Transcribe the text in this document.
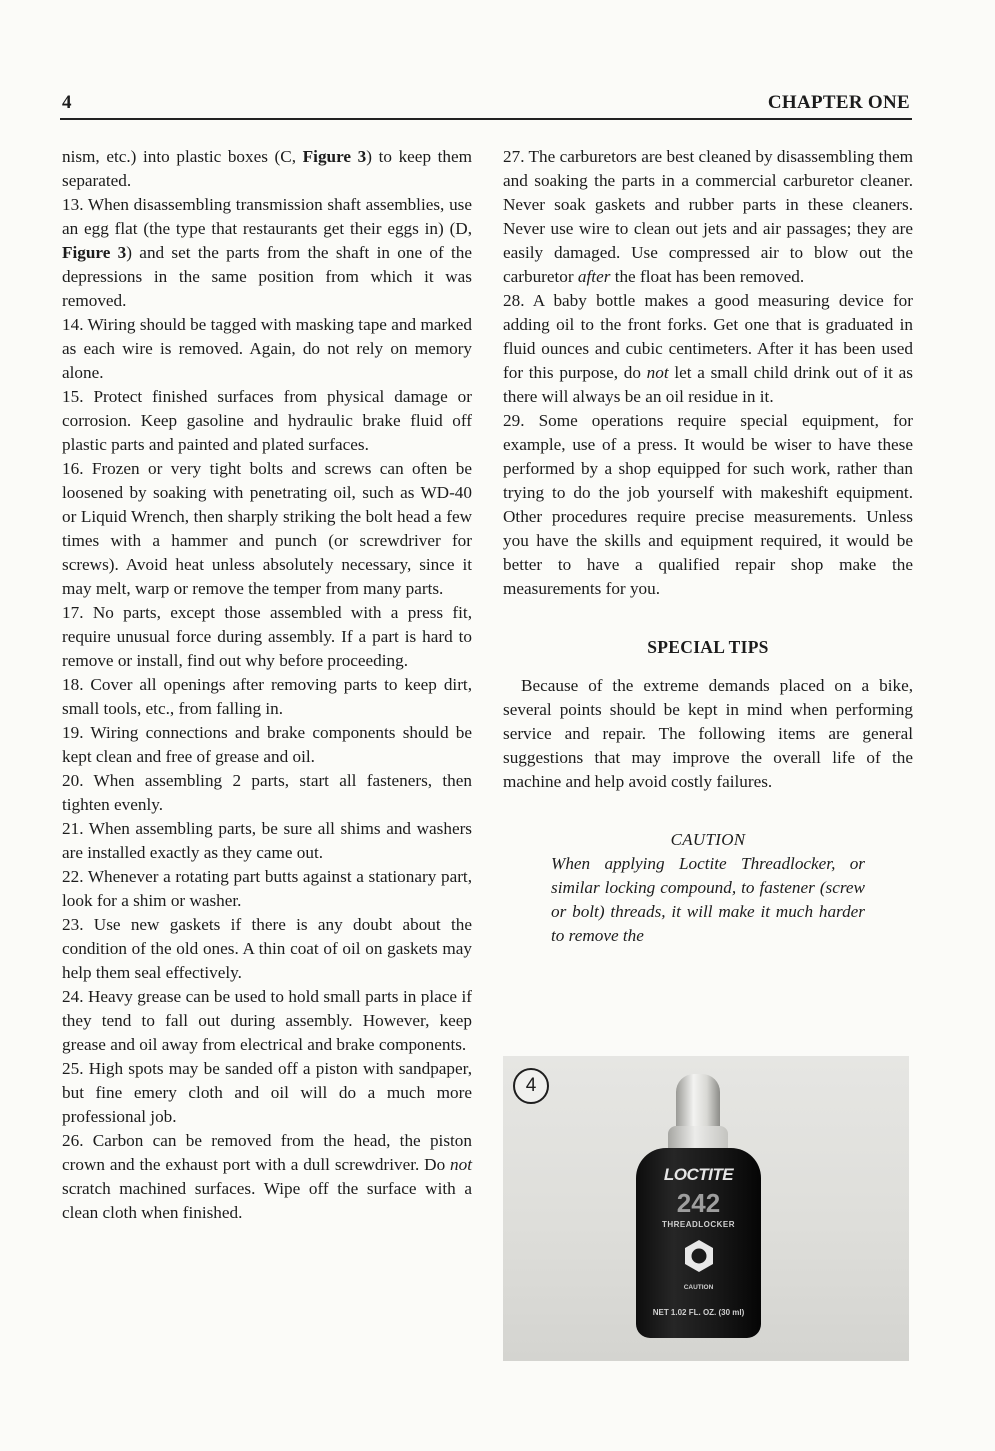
4	CHAPTER ONE

nism, etc.) into plastic boxes (C, Figure 3) to keep them separated.

13. When disassembling transmission shaft assemblies, use an egg flat (the type that restaurants get their eggs in) (D, Figure 3) and set the parts from the shaft in one of the depressions in the same position from which it was removed.

14. Wiring should be tagged with masking tape and marked as each wire is removed. Again, do not rely on memory alone.

15. Protect finished surfaces from physical damage or corrosion. Keep gasoline and hydraulic brake fluid off plastic parts and painted and plated surfaces.

16. Frozen or very tight bolts and screws can often be loosened by soaking with penetrating oil, such as WD-40 or Liquid Wrench, then sharply striking the bolt head a few times with a hammer and punch (or screwdriver for screws). Avoid heat unless absolutely necessary, since it may melt, warp or remove the temper from many parts.

17. No parts, except those assembled with a press fit, require unusual force during assembly. If a part is hard to remove or install, find out why before proceeding.

18. Cover all openings after removing parts to keep dirt, small tools, etc., from falling in.

19. Wiring connections and brake components should be kept clean and free of grease and oil.

20. When assembling 2 parts, start all fasteners, then tighten evenly.

21. When assembling parts, be sure all shims and washers are installed exactly as they came out.

22. Whenever a rotating part butts against a stationary part, look for a shim or washer.

23. Use new gaskets if there is any doubt about the condition of the old ones. A thin coat of oil on gaskets may help them seal effectively.

24. Heavy grease can be used to hold small parts in place if they tend to fall out during assembly. However, keep grease and oil away from electrical and brake components.

25. High spots may be sanded off a piston with sandpaper, but fine emery cloth and oil will do a much more professional job.

26. Carbon can be removed from the head, the piston crown and the exhaust port with a dull screwdriver. Do not scratch machined surfaces. Wipe off the surface with a clean cloth when finished.

27. The carburetors are best cleaned by disassembling them and soaking the parts in a commercial carburetor cleaner. Never soak gaskets and rubber parts in these cleaners. Never use wire to clean out jets and air passages; they are easily damaged. Use compressed air to blow out the carburetor after the float has been removed.

28. A baby bottle makes a good measuring device for adding oil to the front forks. Get one that is graduated in fluid ounces and cubic centimeters. After it has been used for this purpose, do not let a small child drink out of it as there will always be an oil residue in it.

29. Some operations require special equipment, for example, use of a press. It would be wiser to have these performed by a shop equipped for such work, rather than trying to do the job yourself with makeshift equipment. Other procedures require precise measurements. Unless you have the skills and equipment required, it would be better to have a qualified repair shop make the measurements for you.

SPECIAL TIPS

Because of the extreme demands placed on a bike, several points should be kept in mind when performing service and repair. The following items are general suggestions that may improve the overall life of the machine and help avoid costly failures.

CAUTION

When applying Loctite Threadlocker, or similar locking compound, to fastener (screw or bolt) threads, it will make it much harder to remove the

4
LOCTITE
242
THREADLOCKER
CAUTION
NET 1.02 FL. OZ. (30 ml)
